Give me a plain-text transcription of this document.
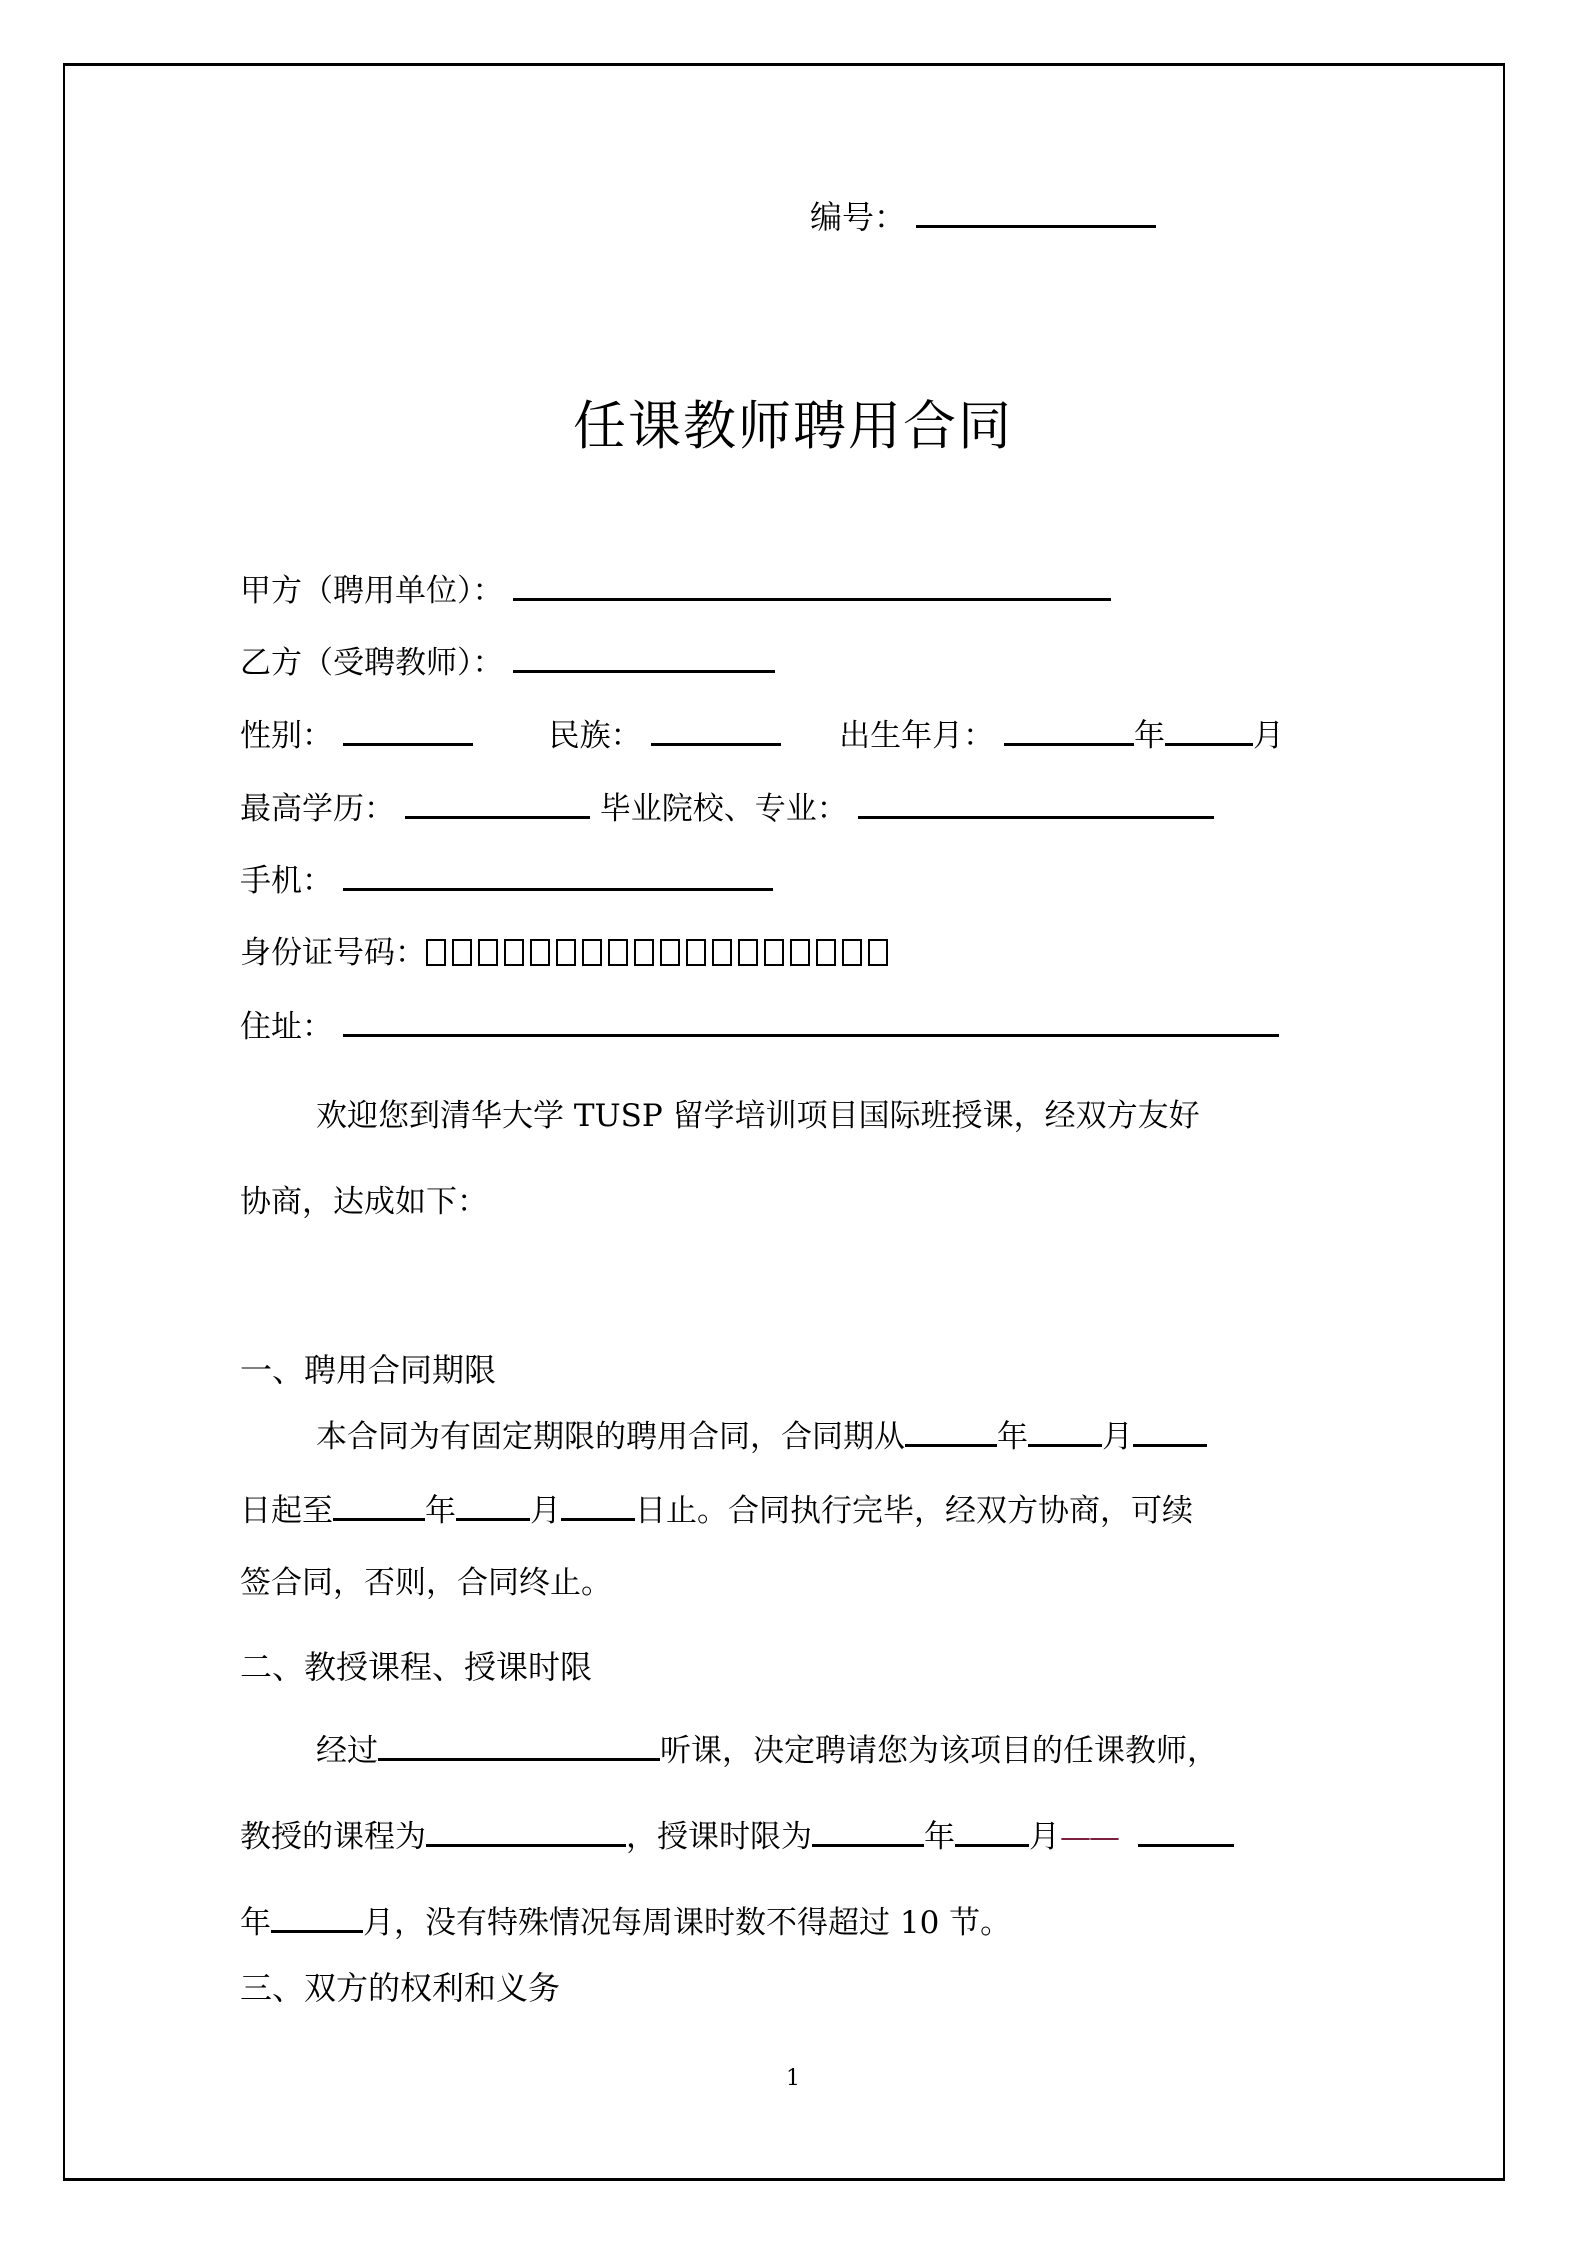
编号：
任课教师聘用合同
甲方（聘用单位）：
乙方（受聘教师）：
性别：	民族：	出生年月：	年	月
最高学历：	毕业院校、专业：
手机：
身份证号码：
住址：
欢迎您到清华大学 TUSP 留学培训项目国际班授课，经双方友好
协商，达成如下：
一、聘用合同期限
本合同为有固定期限的聘用合同，合同期从	年 月
日起至	年 月 日止。合同执行完毕，经双方协商，可续
签合同，否则，合同终止。
二、教授课程、授课时限
经过	听课，决定聘请您为该项目的任课教师，
教授的课程为	，授课时限为	年 月——
年	月，没有特殊情况每周课时数不得超过 10 节。
三、双方的权利和义务
1
